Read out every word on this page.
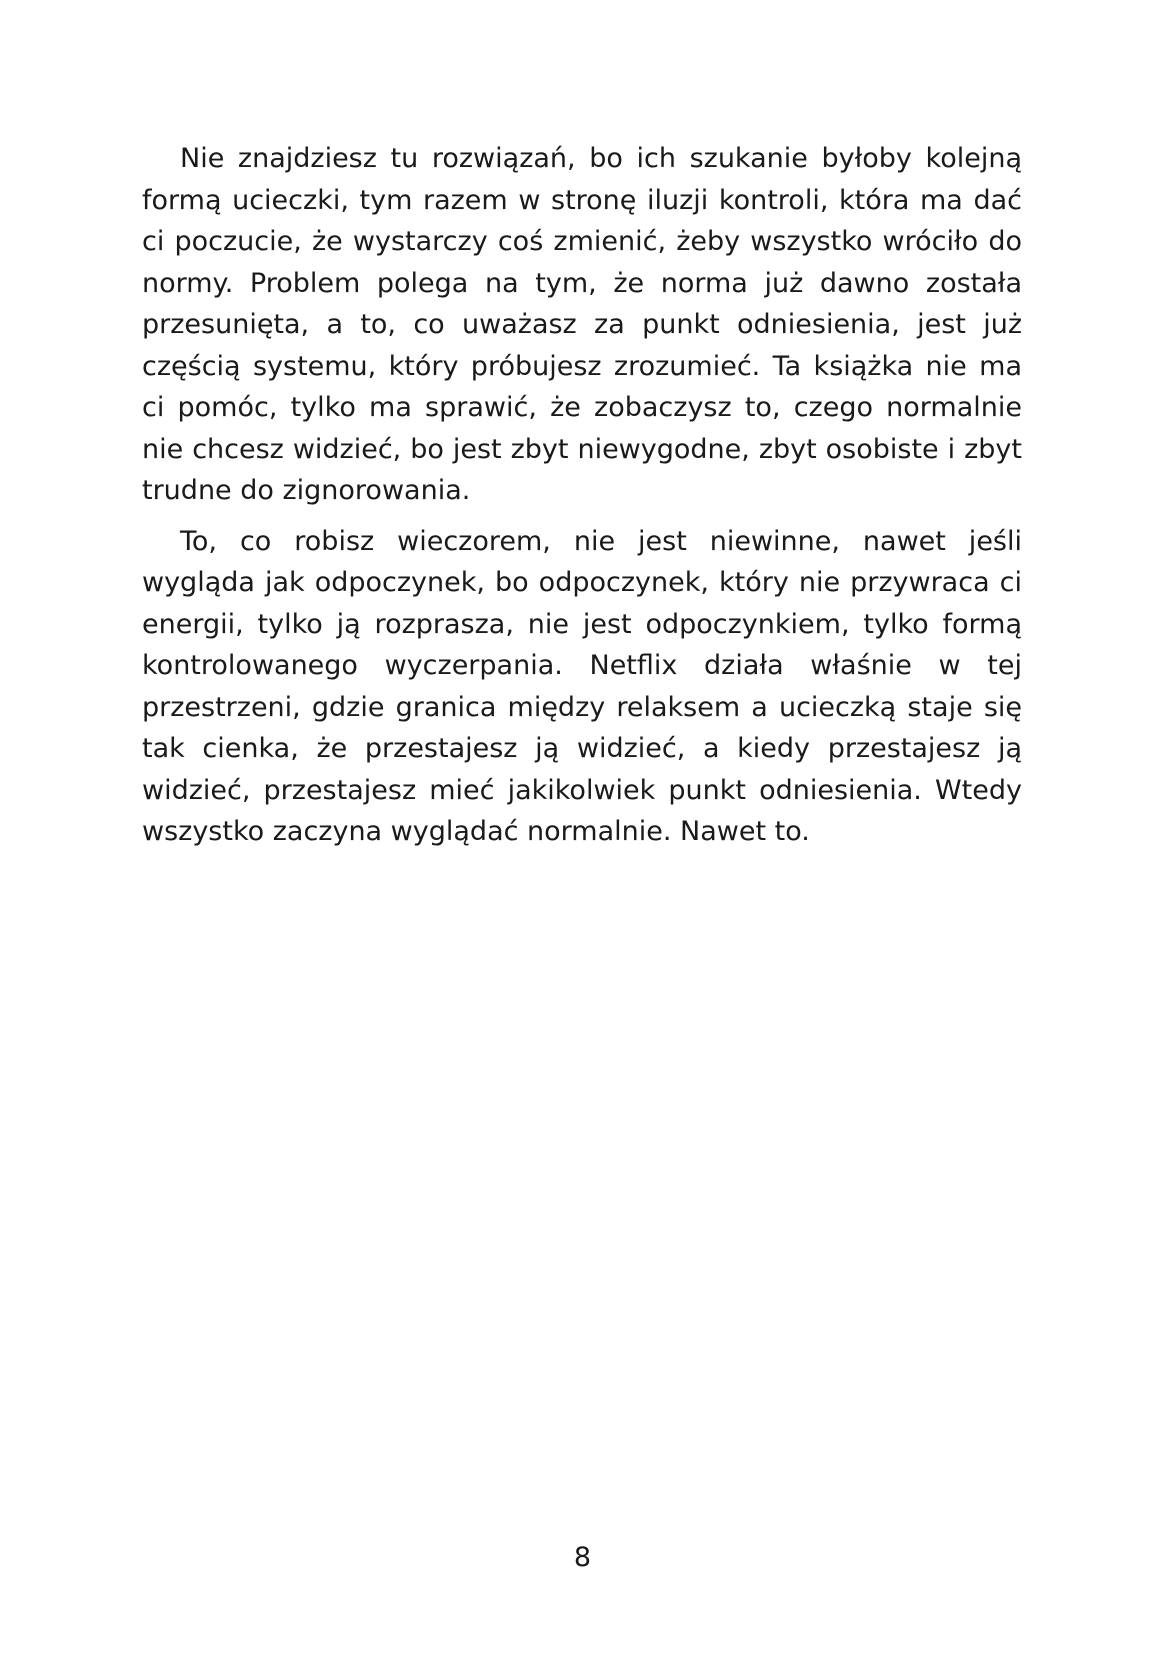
Nie znajdziesz tu rozwiązań, bo ich szukanie byłoby kolejną formą ucieczki, tym razem w stronę iluzji kontroli, która ma dać ci poczucie, że wystarczy coś zmienić, żeby wszystko wróciło do normy. Problem polega na tym, że norma już dawno została przesunięta, a to, co uważasz za punkt odniesienia, jest już częścią systemu, który próbujesz zrozumieć. Ta książka nie ma ci pomóc, tylko ma sprawić, że zobaczysz to, czego normalnie nie chcesz widzieć, bo jest zbyt niewygodne, zbyt osobiste i zbyt trudne do zignorowania.

To, co robisz wieczorem, nie jest niewinne, nawet jeśli wygląda jak odpoczynek, bo odpoczynek, który nie przywraca ci energii, tylko ją rozprasza, nie jest odpoczynkiem, tylko formą kontrolowanego wyczerpania. Netflix działa właśnie w tej przestrzeni, gdzie granica między relaksem a ucieczką staje się tak cienka, że przestajesz ją widzieć, a kiedy przestajesz ją widzieć, przestajesz mieć jakikolwiek punkt odniesienia. Wtedy wszystko zaczyna wyglądać normalnie. Nawet to.

8
